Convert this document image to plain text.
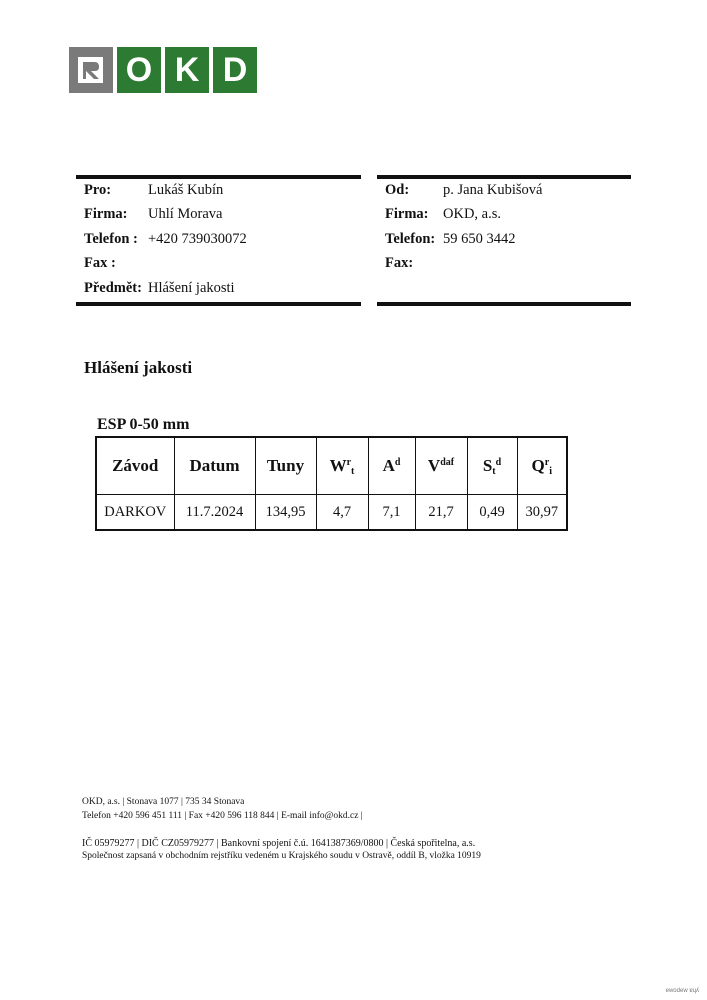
O K D
Pro:	Lukáš Kubín
Firma:	Uhlí Morava
Telefon : +420 739030072
Fax :
Předmět: Hlášení jakosti
Od:	p. Jana Kubišová
Firma:	OKD, a.s.
Telefon: 59 650 3442
Fax:
Hlášení jakosti
ESP 0-50 mm
Závod	Datum	Tuny	$W^r_t$	$A^d$	$V^{daf}$	$S_t^d$	$Q^r_i$
DARKOV	11.7.2024	134,95	4,7	7,1	21,7	0,49	30,97
OKD, a.s. | Stonava 1077 | 735 34 Stonava
Telefon +420 596 451 111 | Fax +420 596 118 844 | E-mail info@okd.cz |
IČ 05979277 | DIČ CZ05979277 | Bankovní spojení č.ú. 1641387369/0800 | Česká spořitelna, a.s.
Společnost zapsaná v obchodním rejstříku vedeném u Krajského soudu v Ostravě, oddíl B, vložka 10919
ewodew ɐɥʎ
